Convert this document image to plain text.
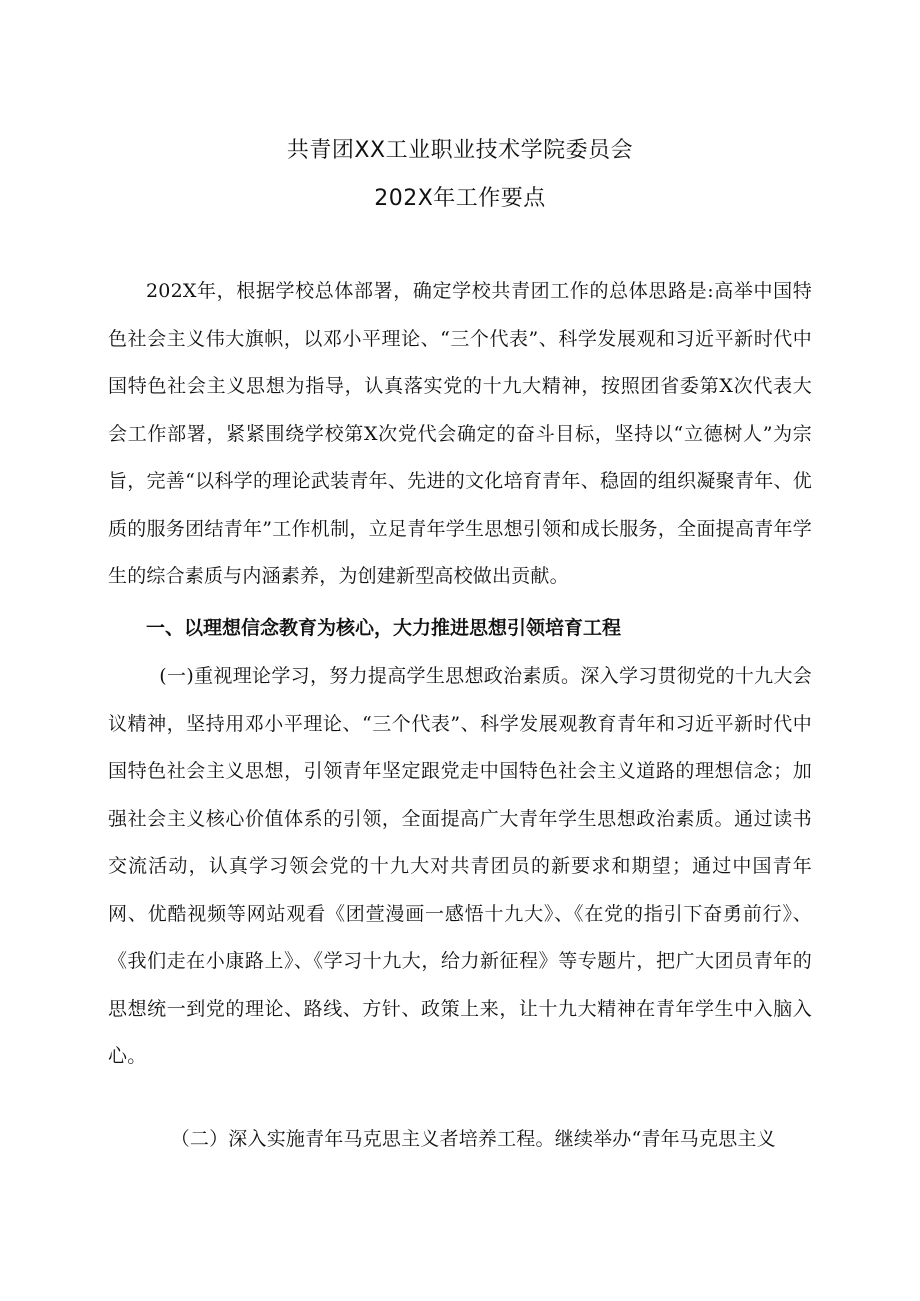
共青团XX工业职业技术学院委员会
202X年工作要点
202X年，根据学校总体部署，确定学校共青团工作的总体思路是:高举中国特色社会主义伟大旗帜，以邓小平理论、“三个代表”、科学发展观和习近平新时代中国特色社会主义思想为指导，认真落实党的十九大精神，按照团省委第X次代表大会工作部署，紧紧围绕学校第X次党代会确定的奋斗目标，坚持以“立德树人”为宗旨，完善“以科学的理论武装青年、先进的文化培育青年、稳固的组织凝聚青年、优质的服务团结青年”工作机制，立足青年学生思想引领和成长服务，全面提高青年学生的综合素质与内涵素养，为创建新型高校做出贡献。
一、以理想信念教育为核心，大力推进思想引领培育工程
(一)重视理论学习，努力提高学生思想政治素质。深入学习贯彻党的十九大会议精神，坚持用邓小平理论、“三个代表”、科学发展观教育青年和习近平新时代中国特色社会主义思想，引领青年坚定跟党走中国特色社会主义道路的理想信念；加强社会主义核心价值体系的引领，全面提高广大青年学生思想政治素质。通过读书交流活动，认真学习领会党的十九大对共青团员的新要求和期望；通过中国青年网、优酷视频等网站观看《团萱漫画一感悟十九大》、《在党的指引下奋勇前行》、《我们走在小康路上》、《学习十九大，给力新征程》等专题片，把广大团员青年的思想统一到党的理论、路线、方针、政策上来，让十九大精神在青年学生中入脑入心。
（二）深入实施青年马克思主义者培养工程。继续举办“青年马克思主义
